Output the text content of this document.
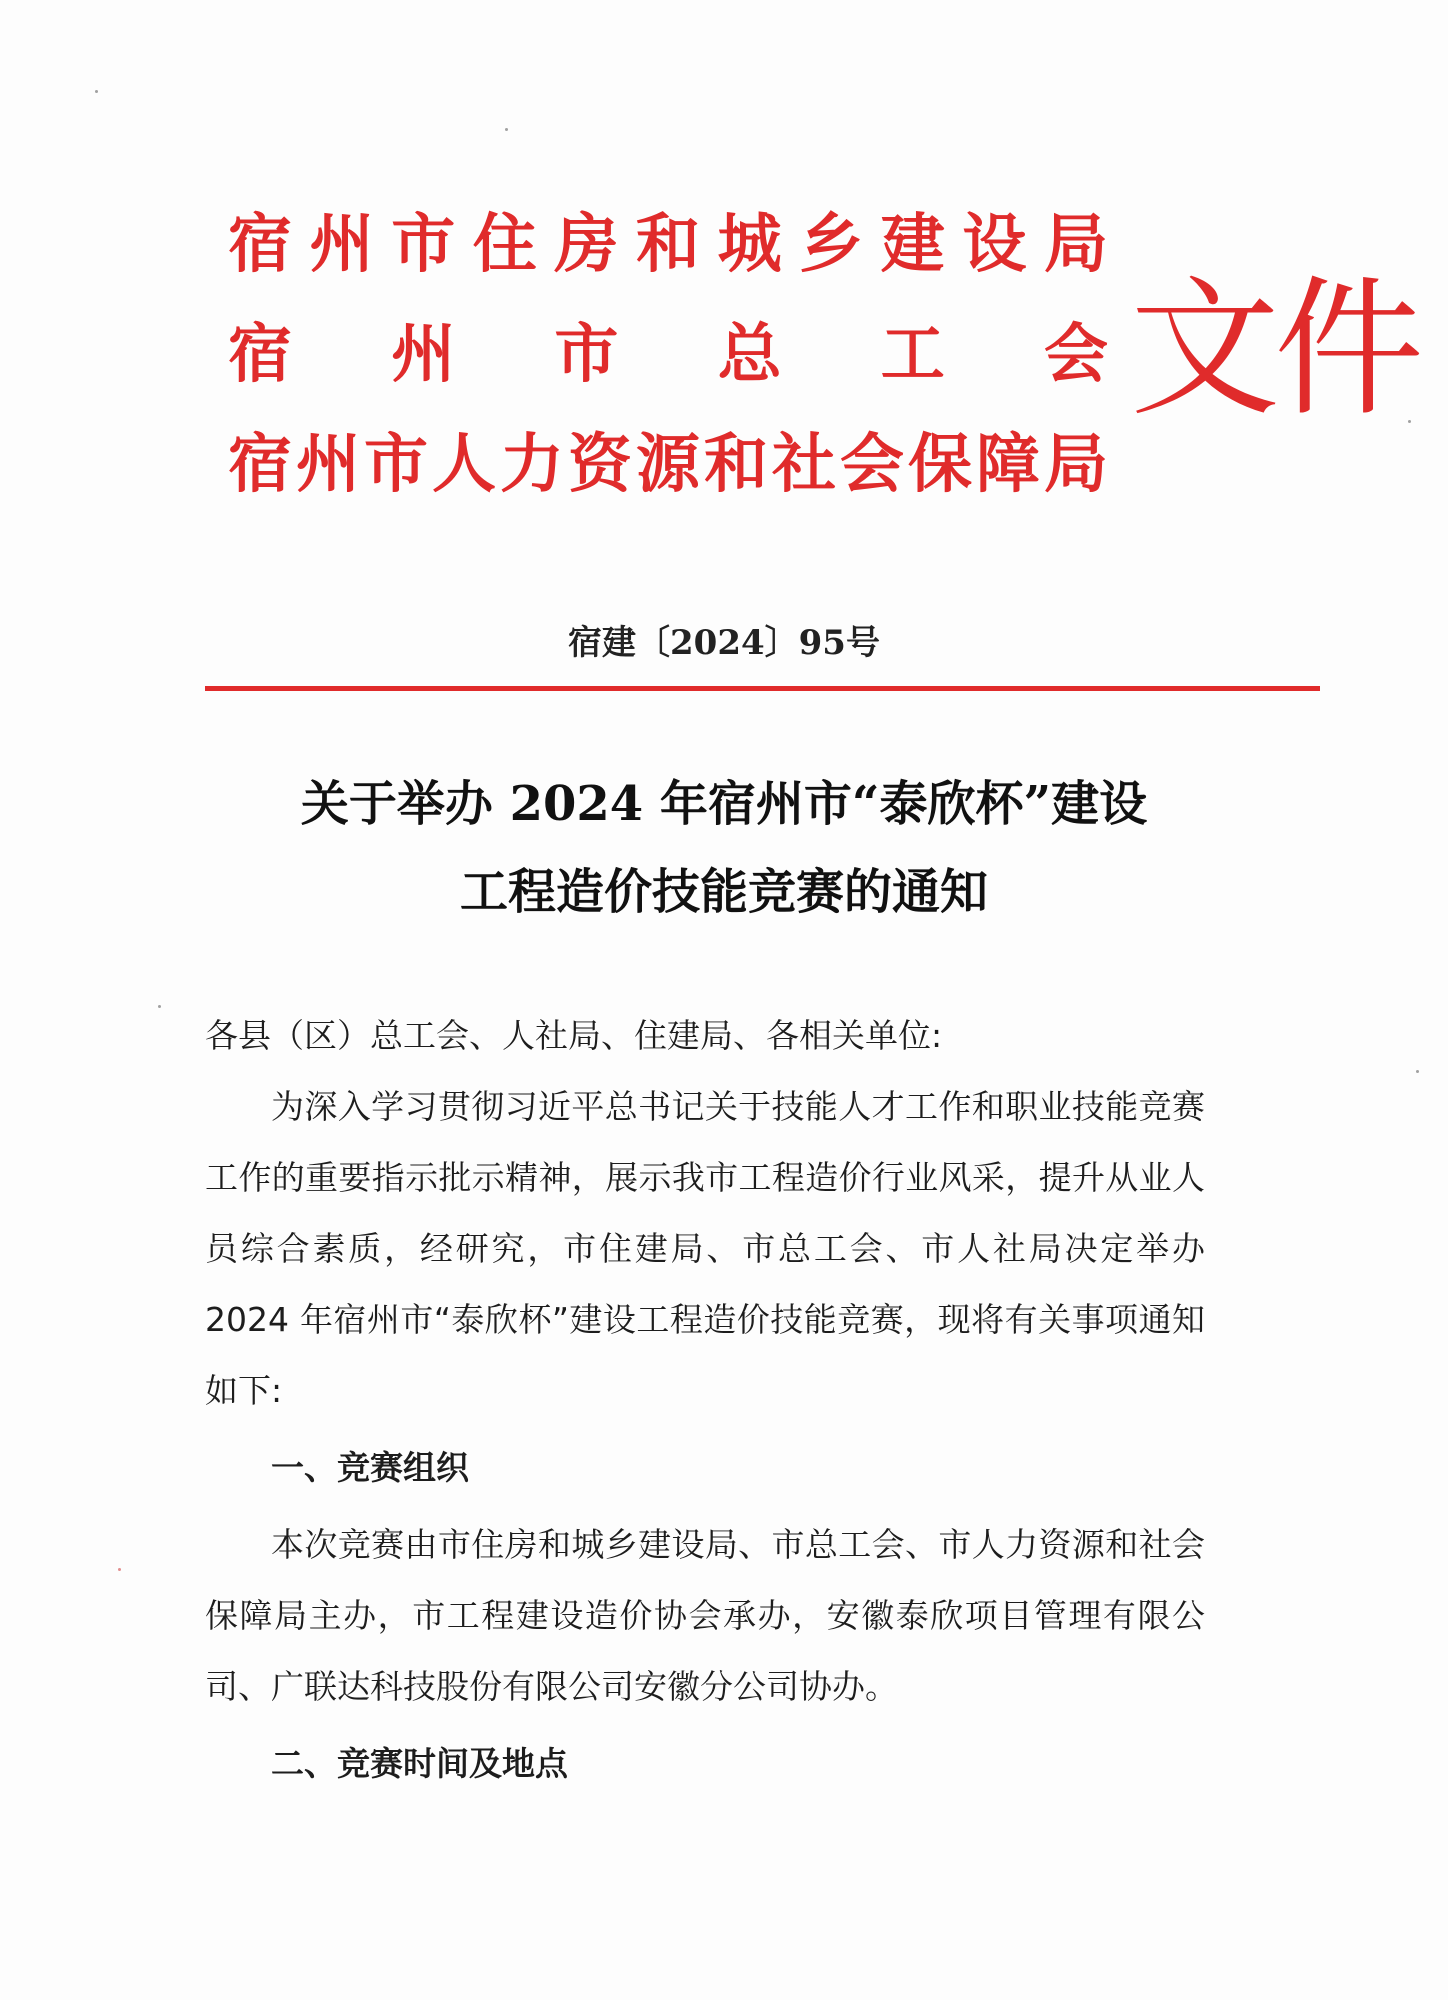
宿 州 市 住 房 和 城 乡 建 设 局
宿 州 市 总 工 会
宿 州 市 人 力 资 源 和 社 会 保 障 局
文件
宿建〔2024〕95号
关于举办 2024 年宿州市“泰欣杯”建设
工程造价技能竞赛的通知

各县（区）总工会、人社局、住建局、各相关单位:

为深入学习贯彻习近平总书记关于技能人才工作和职业技能竞赛工作的重要指示批示精神，展示我市工程造价行业风采，提升从业人员综合素质，经研究，市住建局、市总工会、市人社局决定举办 2024 年宿州市“泰欣杯”建设工程造价技能竞赛，现将有关事项通知如下:

一、竞赛组织

本次竞赛由市住房和城乡建设局、市总工会、市人力资源和社会保障局主办，市工程建设造价协会承办，安徽泰欣项目管理有限公司、广联达科技股份有限公司安徽分公司协办。

二、竞赛时间及地点
